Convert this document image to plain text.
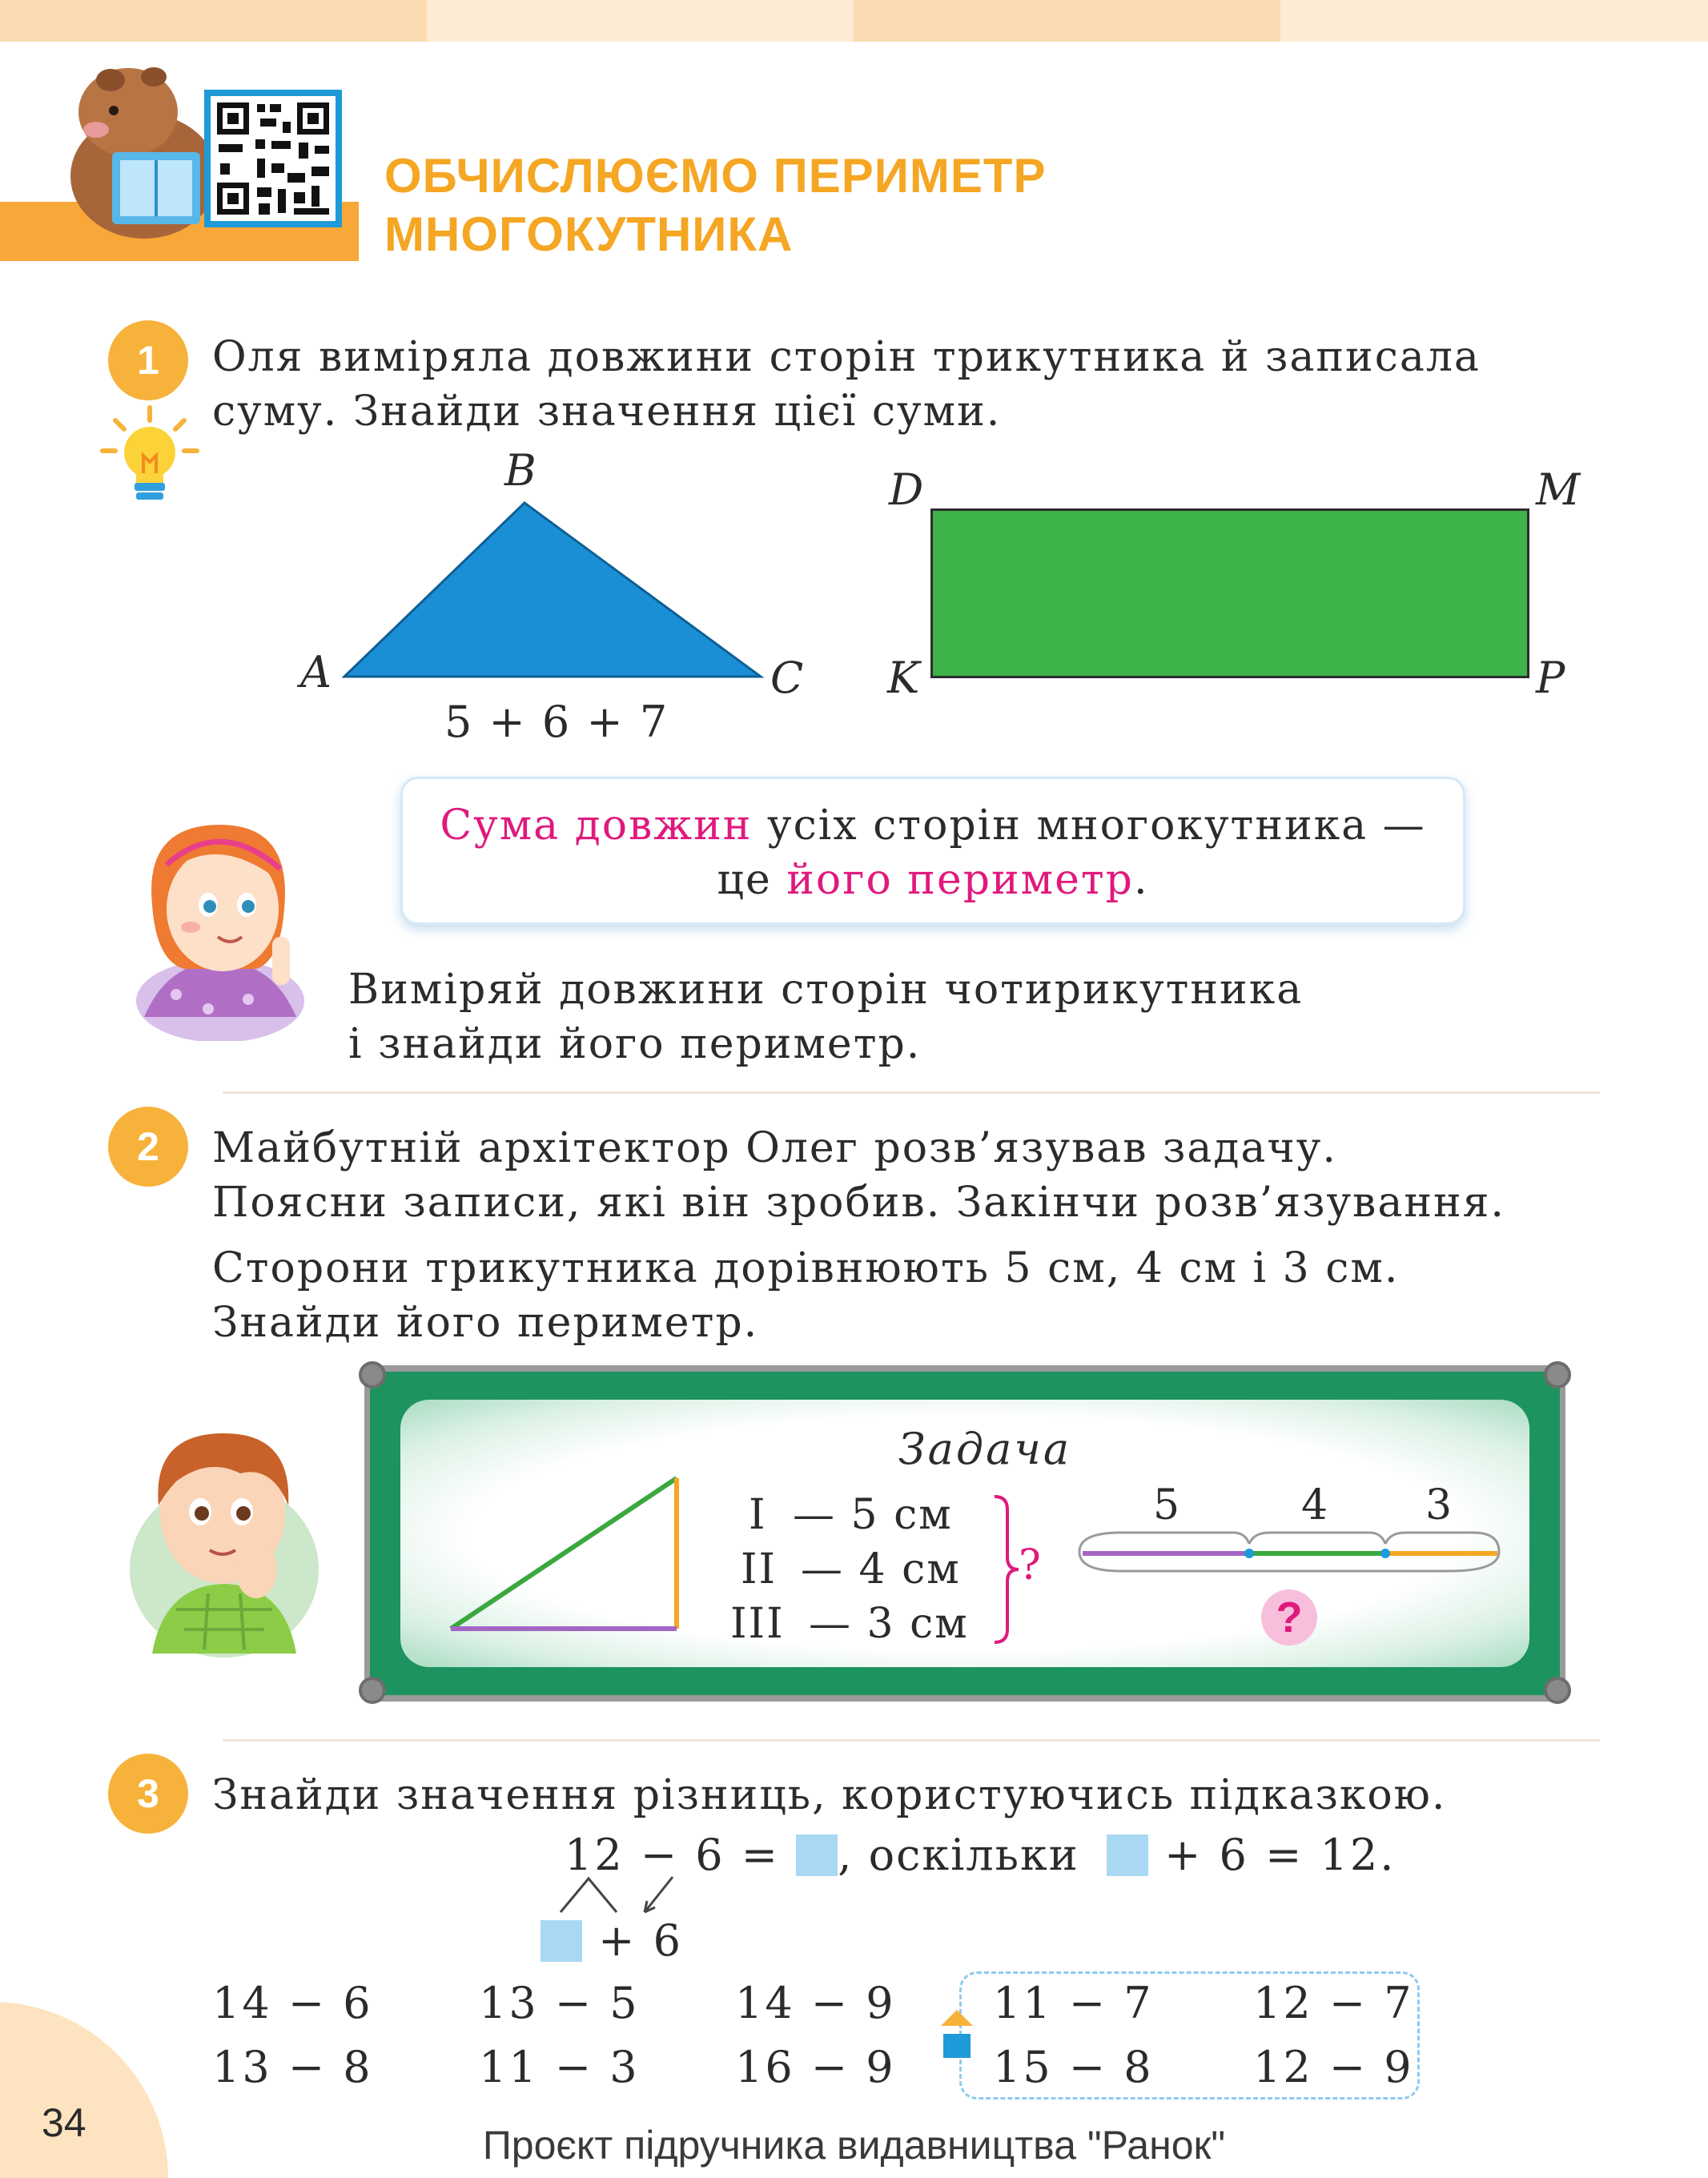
ОБЧИСЛЮЄМО ПЕРИМЕТР
МНОГОКУТНИКА
1	Оля виміряла довжини сторін трикутника й записала
суму. Знайди значення цієї суми.
B
A	C
5 + 6 + 7
D	M
K	P
Сума довжин усіх сторін многокутника —
це його периметр.
Виміряй довжини сторін чотирикутника
і знайди його периметр.
2	Майбутній архітектор Олег розв’язував задачу.
Поясни записи, які він зробив. Закінчи розв’язування.
Сторони трикутника дорівнюють 5 см, 4 см і 3 см.
Знайди його периметр.
Задача
I — 5 см
II — 4 см
III — 3 см
?
5	4 3
?
3	Знайди значення різниць, користуючись підказкою.
12 − 6 = , оскільки + 6 = 12.
+ 6
14 − 6 13 − 5 14 − 9 11 − 7 12 − 7
13 − 8 11 − 3 16 − 9 15 − 8 12 − 9
34	Проєкт підручника видавництва "Ранок"
